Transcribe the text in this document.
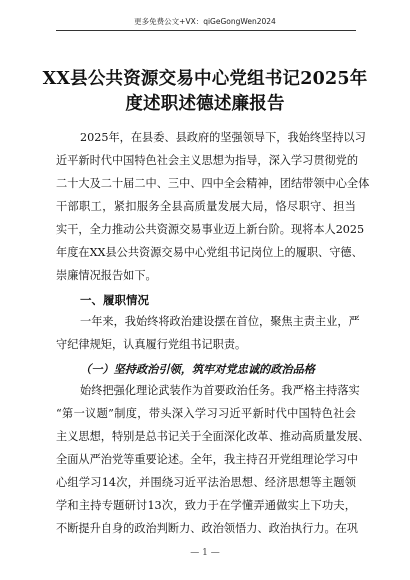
更多免费公文+VX：qiGeGongWen2024
XX县公共资源交易中心党组书记2025年
度述职述德述廉报告
2025年，在县委、县政府的坚强领导下，我始终坚持以习
近平新时代中国特色社会主义思想为指导，深入学习贯彻党的
二十大及二十届二中、三中、四中全会精神，团结带领中心全体
干部职工，紧扣服务全县高质量发展大局，恪尽职守、担当
实干，全力推动公共资源交易事业迈上新台阶。现将本人2025
年度在XX县公共资源交易中心党组书记岗位上的履职、守德、
崇廉情况报告如下。
一、履职情况
一年来，我始终将政治建设摆在首位，聚焦主责主业，严
守纪律规矩，认真履行党组书记职责。
（一）坚持政治引领，筑牢对党忠诚的政治品格
始终把强化理论武装作为首要政治任务。我严格主持落实
“第一议题”制度，带头深入学习习近平新时代中国特色社会
主义思想，特别是总书记关于全面深化改革、推动高质量发展、
全面从严治党等重要论述。全年，我主持召开党组理论学习中
心组学习14次，并围绕习近平法治思想、经济思想等主题领
学和主持专题研讨13次，致力于在学懂弄通做实上下功夫，
不断提升自身的政治判断力、政治领悟力、政治执行力。在巩
— 1 —
